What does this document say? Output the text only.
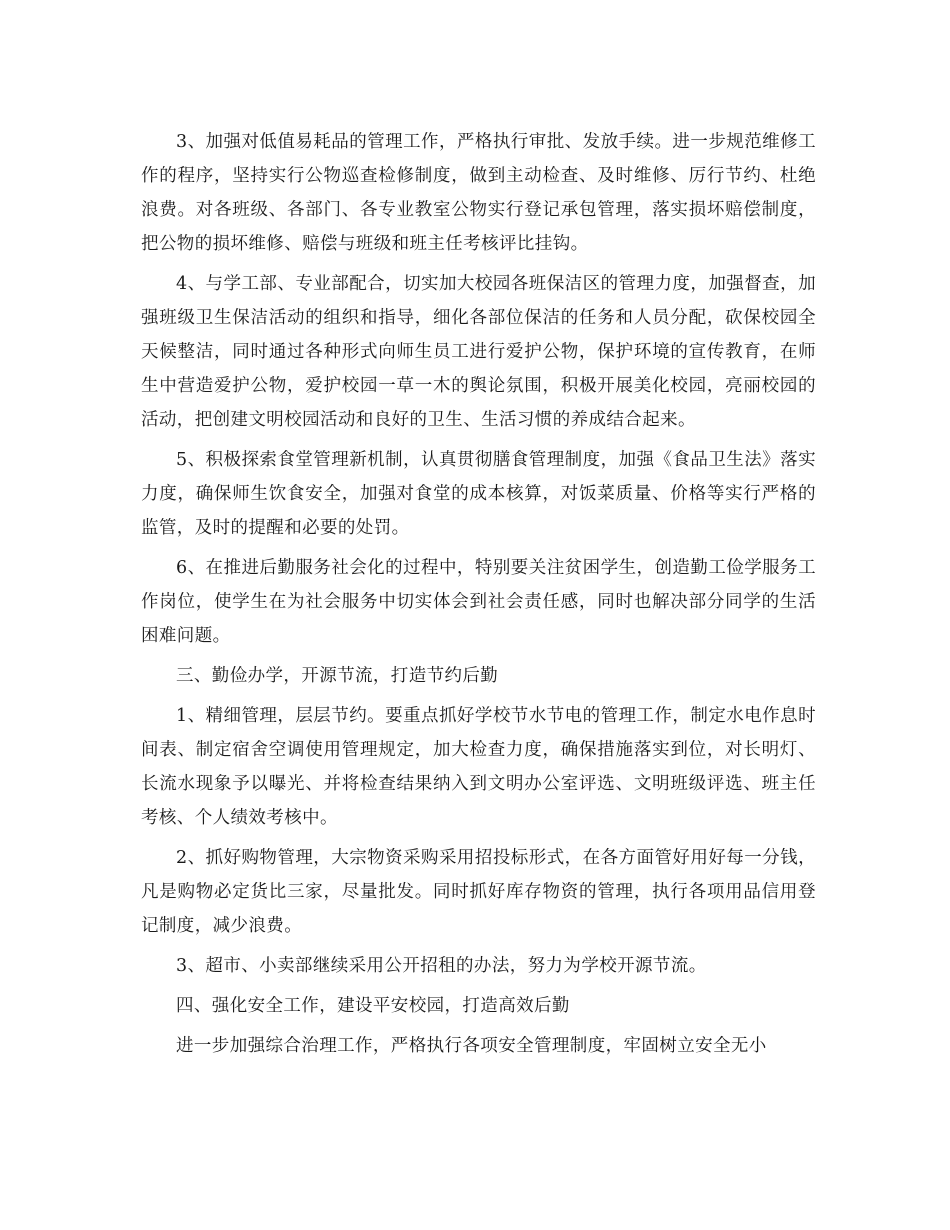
3、加强对低值易耗品的管理工作，严格执行审批、发放手续。进一步规范维修工作的程序，坚持实行公物巡查检修制度，做到主动检查、及时维修、厉行节约、杜绝浪费。对各班级、各部门、各专业教室公物实行登记承包管理，落实损坏赔偿制度，把公物的损坏维修、赔偿与班级和班主任考核评比挂钩。

4、与学工部、专业部配合，切实加大校园各班保洁区的管理力度，加强督查，加强班级卫生保洁活动的组织和指导，细化各部位保洁的任务和人员分配，砍保校园全天候整洁，同时通过各种形式向师生员工进行爱护公物，保护环境的宣传教育，在师生中营造爱护公物，爱护校园一草一木的舆论氛围，积极开展美化校园，亮丽校园的活动，把创建文明校园活动和良好的卫生、生活习惯的养成结合起来。

5、积极探索食堂管理新机制，认真贯彻膳食管理制度，加强《食品卫生法》落实力度，确保师生饮食安全，加强对食堂的成本核算，对饭菜质量、价格等实行严格的监管，及时的提醒和必要的处罚。

6、在推进后勤服务社会化的过程中，特别要关注贫困学生，创造勤工俭学服务工作岗位，使学生在为社会服务中切实体会到社会责任感，同时也解决部分同学的生活困难问题。

三、勤俭办学，开源节流，打造节约后勤

1、精细管理，层层节约。要重点抓好学校节水节电的管理工作，制定水电作息时间表、制定宿舍空调使用管理规定，加大检查力度，确保措施落实到位，对长明灯、长流水现象予以曝光、并将检查结果纳入到文明办公室评选、文明班级评选、班主任考核、个人绩效考核中。

2、抓好购物管理，大宗物资采购采用招投标形式，在各方面管好用好每一分钱，凡是购物必定货比三家，尽量批发。同时抓好库存物资的管理，执行各项用品信用登记制度，减少浪费。

3、超市、小卖部继续采用公开招租的办法，努力为学校开源节流。

四、强化安全工作，建设平安校园，打造高效后勤

进一步加强综合治理工作，严格执行各项安全管理制度，牢固树立安全无小
